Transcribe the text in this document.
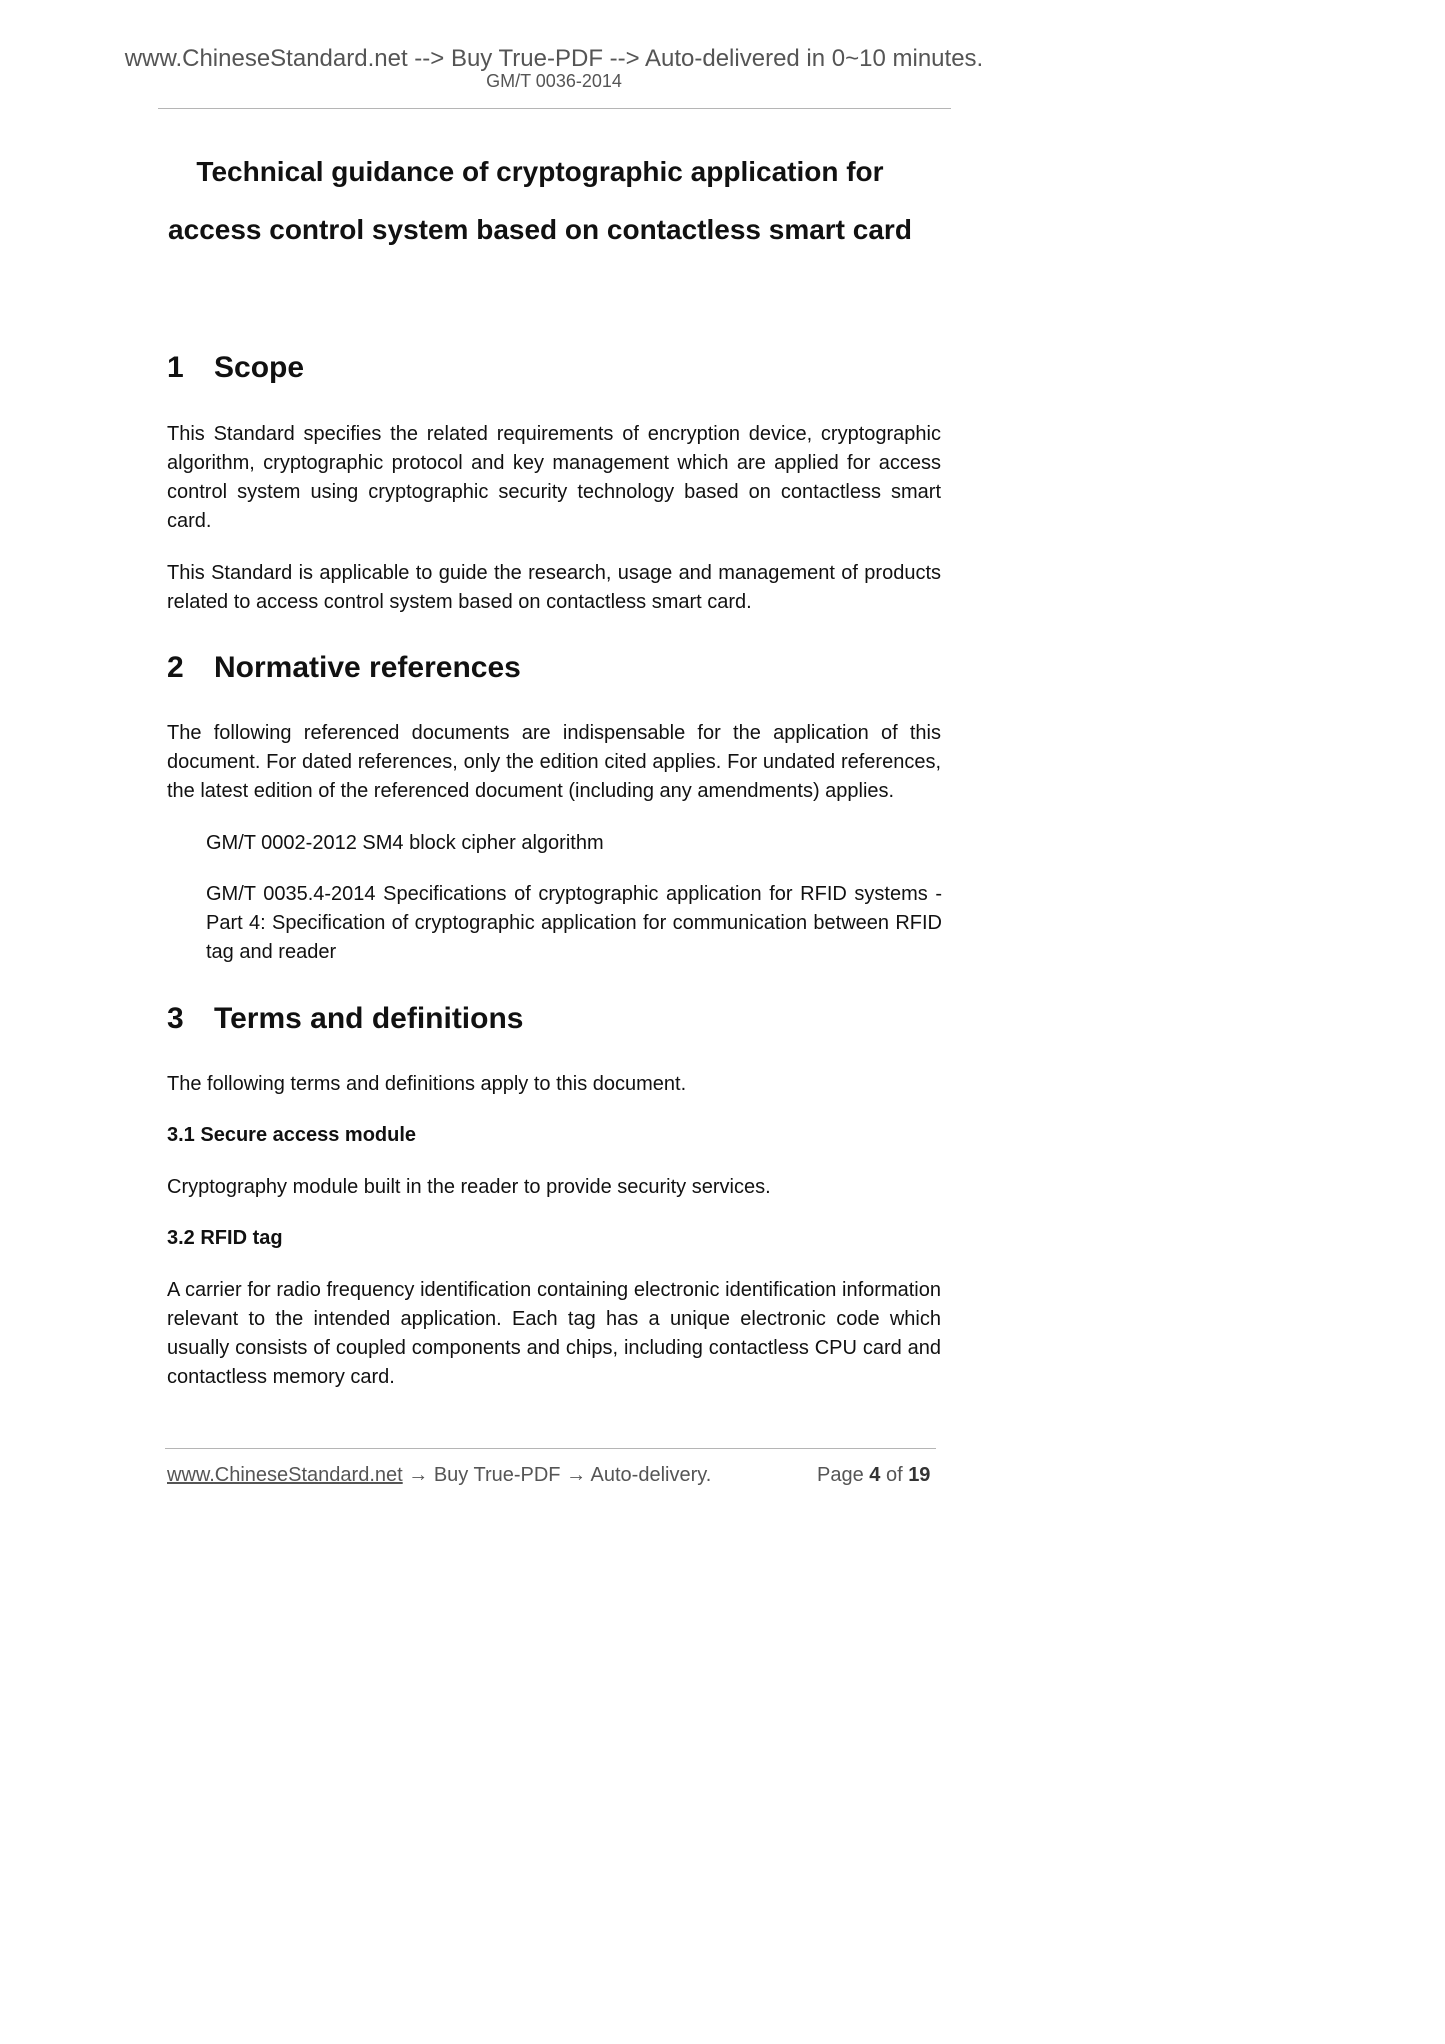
www.ChineseStandard.net --> Buy True-PDF --> Auto-delivered in 0~10 minutes.
GM/T 0036-2014
Technical guidance of cryptographic application for
access control system based on contactless smart card
1 Scope
This Standard specifies the related requirements of encryption device, cryptographic algorithm, cryptographic protocol and key management which are applied for access control system using cryptographic security technology based on contactless smart card.
This Standard is applicable to guide the research, usage and management of products related to access control system based on contactless smart card.
2 Normative references
The following referenced documents are indispensable for the application of this document. For dated references, only the edition cited applies. For undated references, the latest edition of the referenced document (including any amendments) applies.
GM/T 0002-2012 SM4 block cipher algorithm
GM/T 0035.4-2014 Specifications of cryptographic application for RFID systems - Part 4: Specification of cryptographic application for communication between RFID tag and reader
3 Terms and definitions
The following terms and definitions apply to this document.
3.1 Secure access module
Cryptography module built in the reader to provide security services.
3.2 RFID tag
A carrier for radio frequency identification containing electronic identification information relevant to the intended application. Each tag has a unique electronic code which usually consists of coupled components and chips, including contactless CPU card and contactless memory card.
www.ChineseStandard.net → Buy True-PDF → Auto-delivery.	Page 4 of 19
